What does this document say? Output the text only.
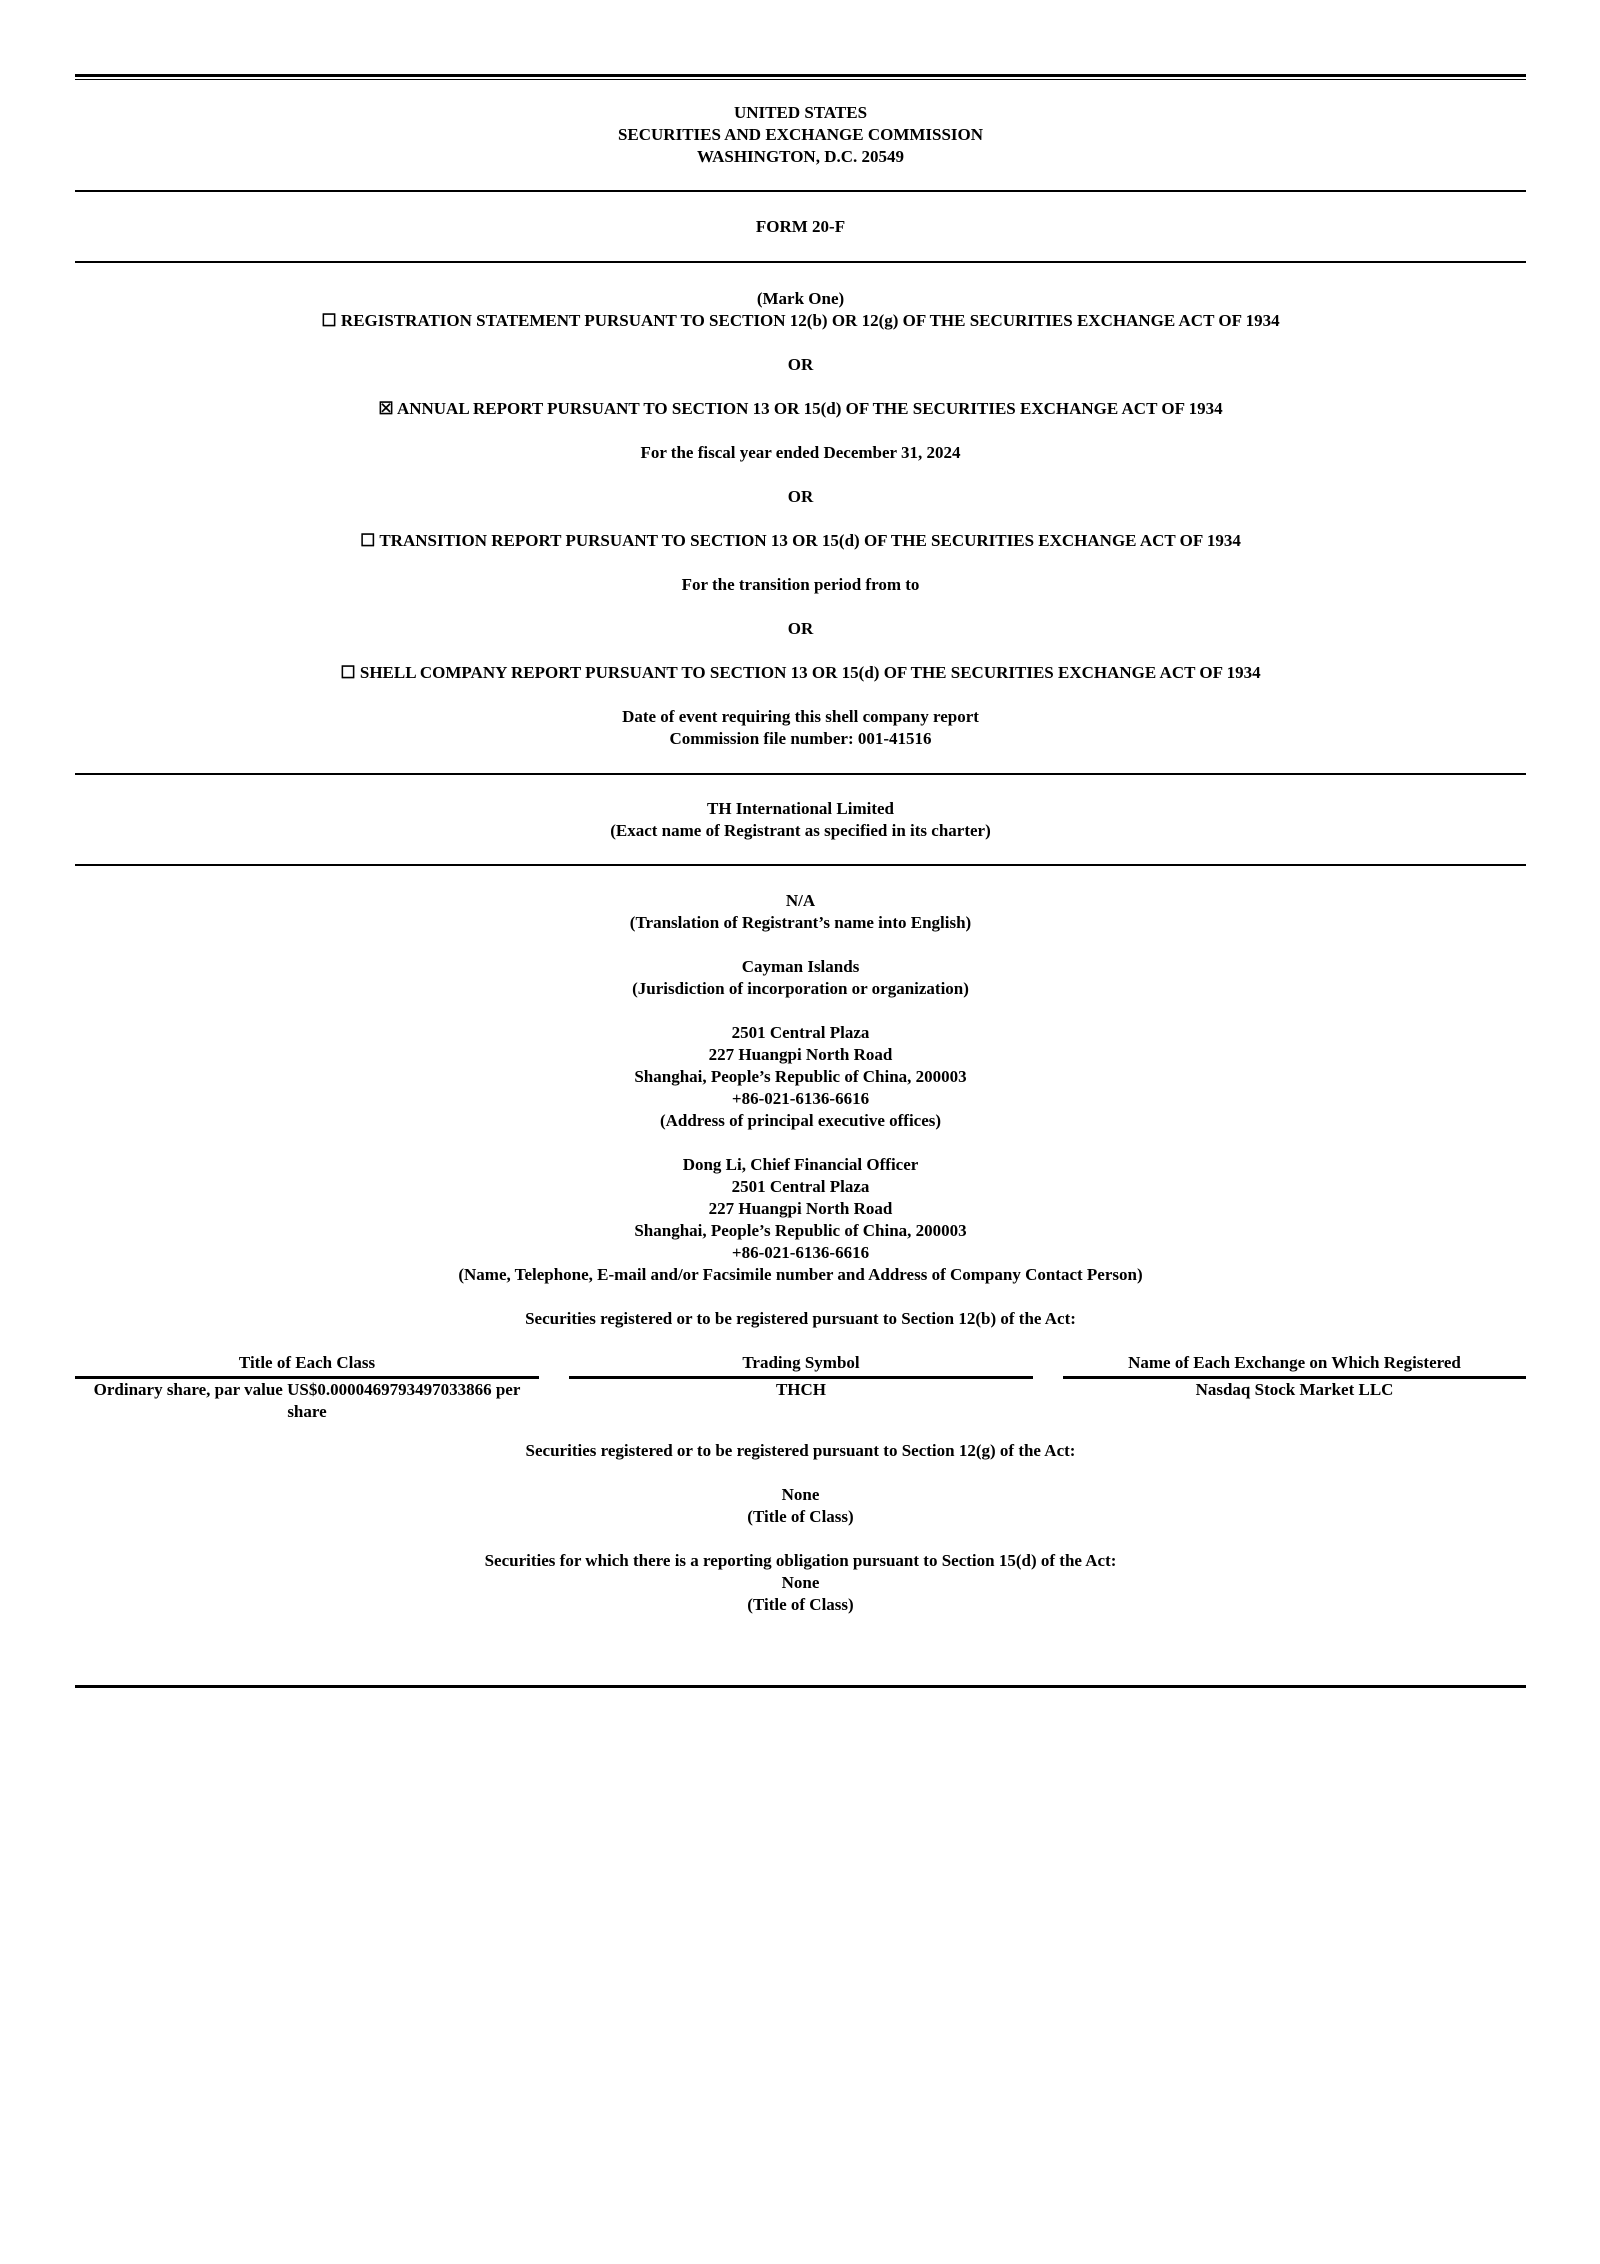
UNITED STATES
SECURITIES AND EXCHANGE COMMISSION
WASHINGTON, D.C. 20549
FORM 20-F
(Mark One)
☐ REGISTRATION STATEMENT PURSUANT TO SECTION 12(b) OR 12(g) OF THE SECURITIES EXCHANGE ACT OF 1934
OR
☒ ANNUAL REPORT PURSUANT TO SECTION 13 OR 15(d) OF THE SECURITIES EXCHANGE ACT OF 1934
For the fiscal year ended December 31, 2024
OR
☐ TRANSITION REPORT PURSUANT TO SECTION 13 OR 15(d) OF THE SECURITIES EXCHANGE ACT OF 1934
For the transition period from to
OR
☐ SHELL COMPANY REPORT PURSUANT TO SECTION 13 OR 15(d) OF THE SECURITIES EXCHANGE ACT OF 1934
Date of event requiring this shell company report
Commission file number: 001-41516
TH International Limited
(Exact name of Registrant as specified in its charter)
N/A
(Translation of Registrant’s name into English)
Cayman Islands
(Jurisdiction of incorporation or organization)
2501 Central Plaza
227 Huangpi North Road
Shanghai, People’s Republic of China, 200003
+86-021-6136-6616
(Address of principal executive offices)
Dong Li, Chief Financial Officer
2501 Central Plaza
227 Huangpi North Road
Shanghai, People’s Republic of China, 200003
+86-021-6136-6616
(Name, Telephone, E-mail and/or Facsimile number and Address of Company Contact Person)
Securities registered or to be registered pursuant to Section 12(b) of the Act:
Title of Each Class
Ordinary share, par value US$0.00004697934970338​66 per share
Trading Symbol
THCH
Name of Each Exchange on Which Registered
Nasdaq Stock Market LLC
Securities registered or to be registered pursuant to Section 12(g) of the Act:
None
(Title of Class)
Securities for which there is a reporting obligation pursuant to Section 15(d) of the Act:
None
(Title of Class)
